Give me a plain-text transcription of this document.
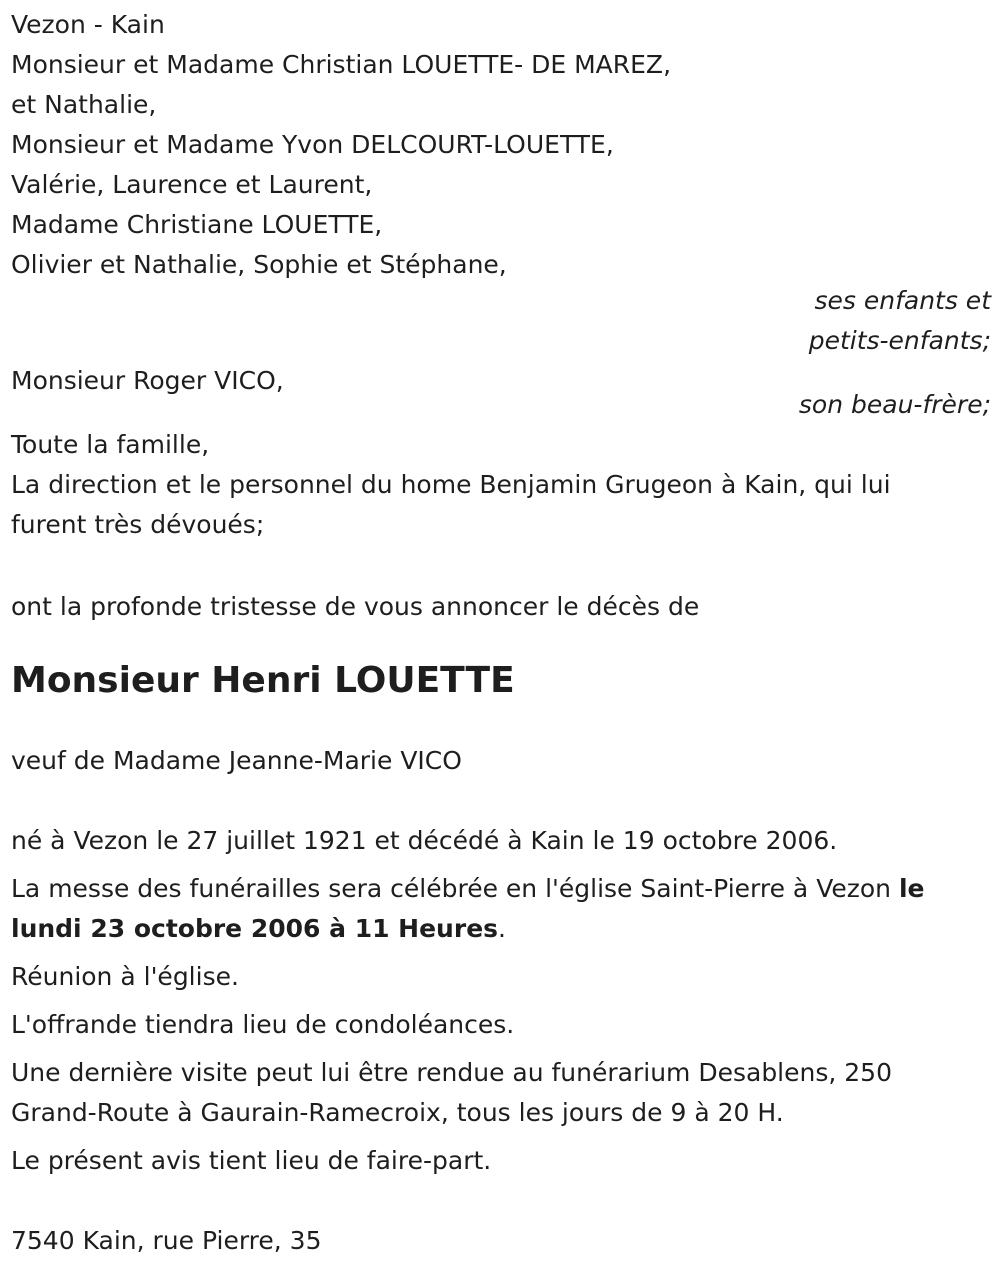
Vezon - Kain
Monsieur et Madame Christian LOUETTE- DE MAREZ,
et Nathalie,
Monsieur et Madame Yvon DELCOURT-LOUETTE,
Valérie, Laurence et Laurent,
Madame Christiane LOUETTE,
Olivier et Nathalie, Sophie et Stéphane,
ses enfants et
petits-enfants;
Monsieur Roger VICO,
son beau-frère;
Toute la famille,
La direction et le personnel du home Benjamin Grugeon à Kain, qui lui furent très dévoués;
ont la profonde tristesse de vous annoncer le décès de
Monsieur Henri LOUETTE
veuf de Madame Jeanne-Marie VICO
né à Vezon le 27 juillet 1921 et décédé à Kain le 19 octobre 2006.
La messe des funérailles sera célébrée en l'église Saint-Pierre à Vezon le lundi 23 octobre 2006 à 11 Heures.
Réunion à l'église.
L'offrande tiendra lieu de condoléances.
Une dernière visite peut lui être rendue au funérarium Desablens, 250 Grand-Route à Gaurain-Ramecroix, tous les jours de 9 à 20 H.
Le présent avis tient lieu de faire-part.
7540 Kain, rue Pierre, 35
